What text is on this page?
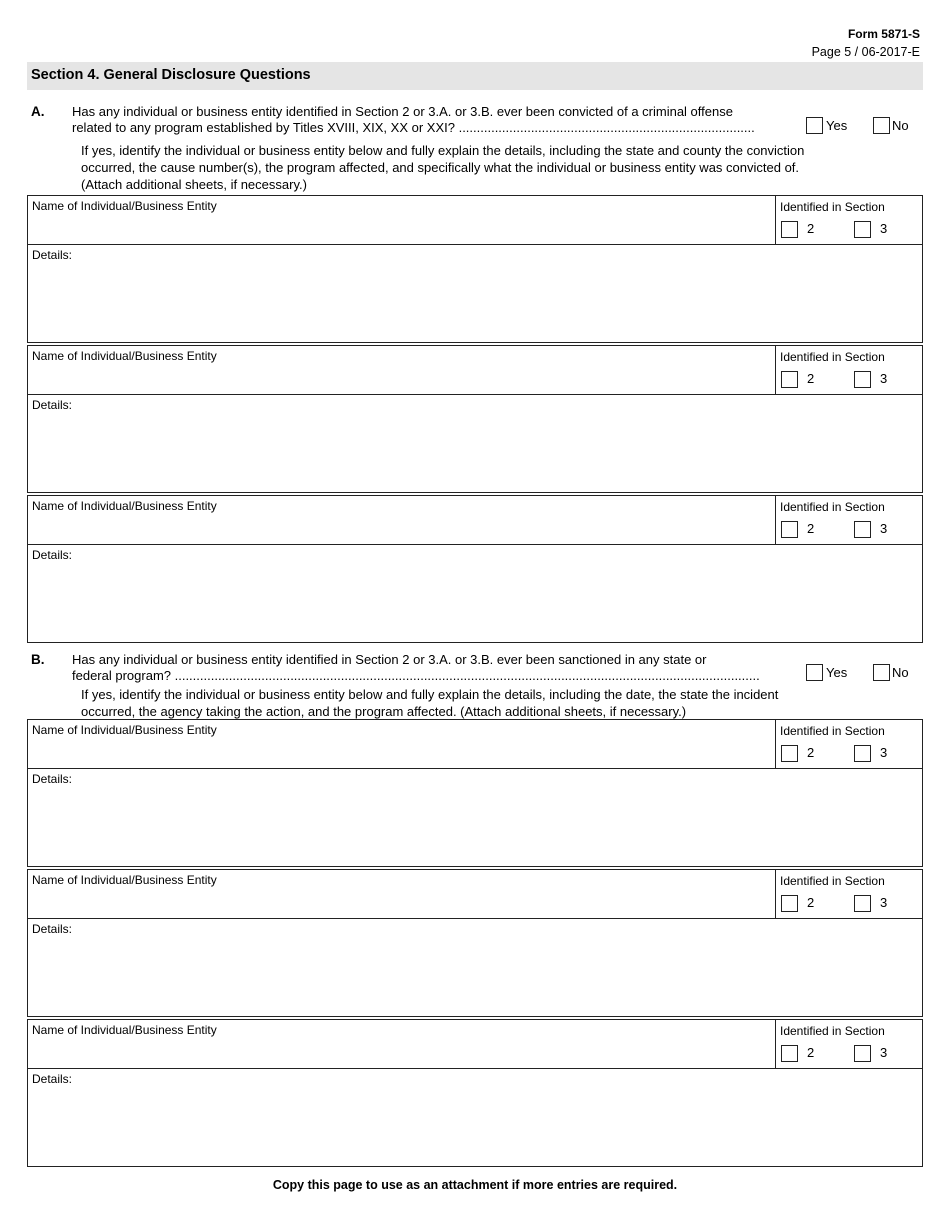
Form 5871-S
Page 5 / 06-2017-E
Section 4. General Disclosure Questions
A. Has any individual or business entity identified in Section 2 or 3.A. or 3.B. ever been convicted of a criminal offense
related to any program established by Titles XVIII, XIX, XX or XXI? ..................................................................................	Yes	No
If yes, identify the individual or business entity below and fully explain the details, including the state and county the conviction occurred, the cause number(s), the program affected, and specifically what the individual or business entity was convicted of. (Attach additional sheets, if necessary.)
Name of Individual/Business Entity	Identified in Section
2	3
Details:
Name of Individual/Business Entity	Identified in Section
2	3
Details:
Name of Individual/Business Entity	Identified in Section
2	3
Details:
B. Has any individual or business entity identified in Section 2 or 3.A. or 3.B. ever been sanctioned in any state or
federal program? ..................................................................................................................................................................	Yes	No
If yes, identify the individual or business entity below and fully explain the details, including the date, the state the incident occurred, the agency taking the action, and the program affected. (Attach additional sheets, if necessary.)
Name of Individual/Business Entity	Identified in Section
2	3
Details:
Name of Individual/Business Entity	Identified in Section
2	3
Details:
Name of Individual/Business Entity	Identified in Section
2	3
Details:
Copy this page to use as an attachment if more entries are required.
